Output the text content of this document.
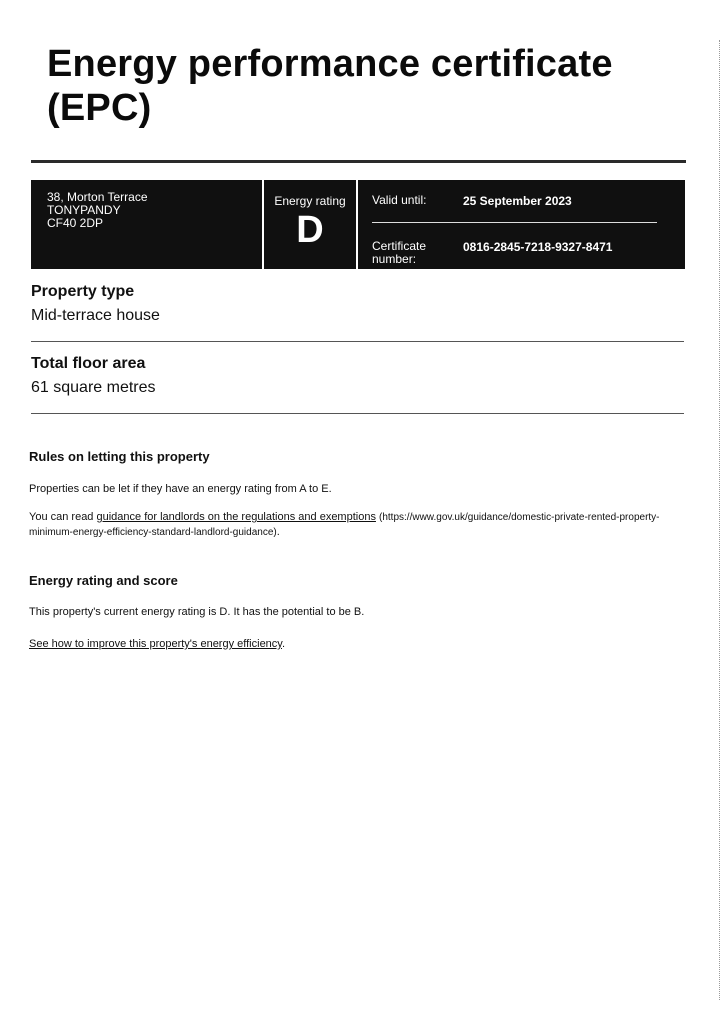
Energy performance certificate (EPC)
38, Morton Terrace
TONYPANDY
CF40 2DP
Energy rating
D
Valid until:	25 September 2023
Certificate number:
0816-2845-7218-9327-8471
Property type

Mid-terrace house

Total floor area

61 square metres

Rules on letting this property

Properties can be let if they have an energy rating from A to E.

You can read guidance for landlords on the regulations and exemptions (https://www.gov.uk/guidance/domestic-private-rented-property-minimum-energy-efficiency-standard-landlord-guidance).

Energy rating and score

This property's current energy rating is D. It has the potential to be B.

See how to improve this property's energy efficiency.
